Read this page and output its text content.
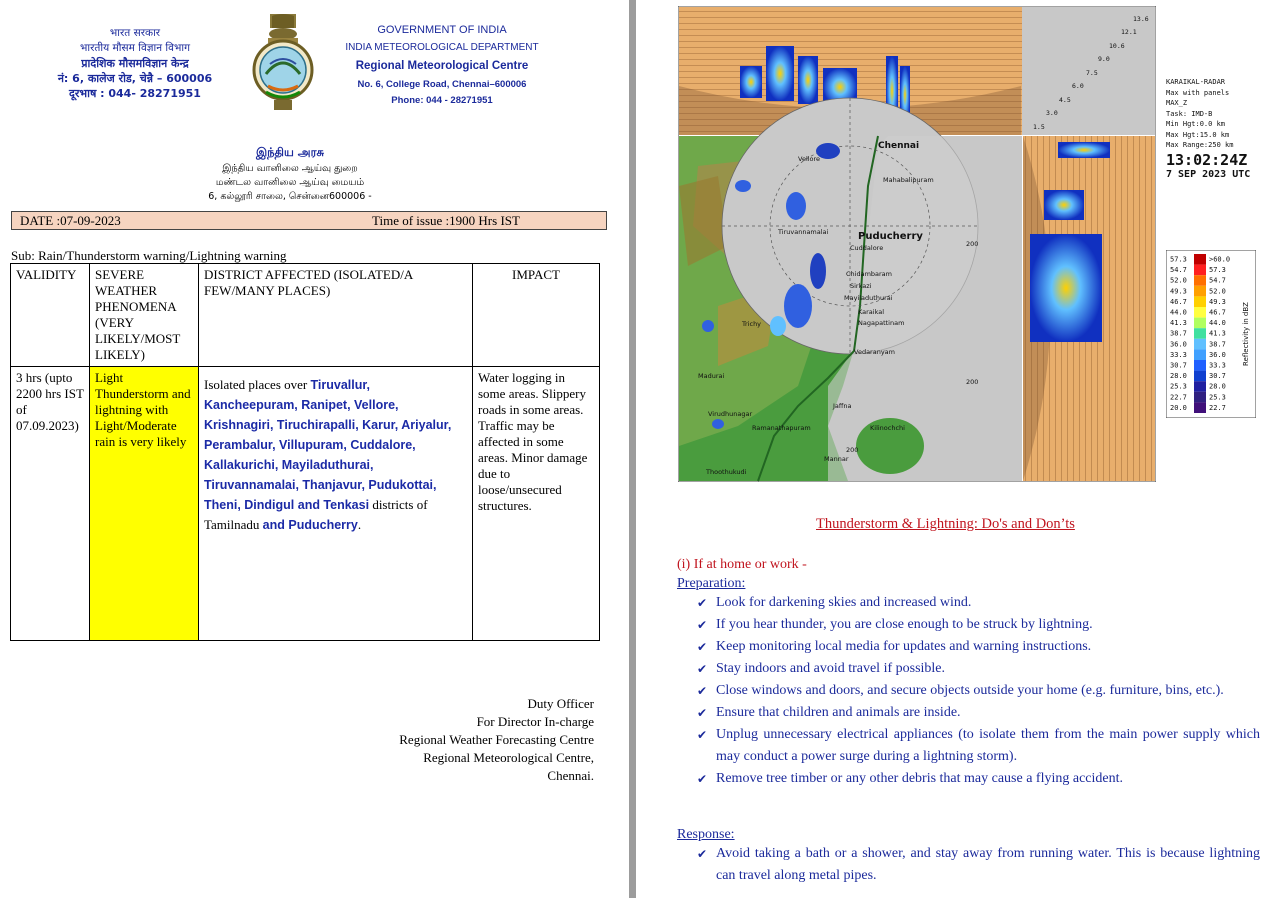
भारत सरकार
भारतीय मौसम विज्ञान विभाग
प्रादेशिक मौसमविज्ञान केन्द्र
नं: 6, कालेज रोड, चेन्नै – 600006
दूरभाष : 044- 28271951
GOVERNMENT OF INDIA
INDIA METEOROLOGICAL DEPARTMENT
Regional Meteorological Centre
No. 6, College Road, Chennai–600006
Phone: 044 - 28271951
இந்திய அரசு
இந்திய வானிலை ஆய்வு துறை
மண்டல வானிலை ஆய்வு மையம்
6, கல்லூரி சாலை, சென்னை600006 -
DATE :07-09-2023	Time of issue :1900 Hrs IST
Sub: Rain/Thunderstorm warning/Lightning warning
VALIDITY	SEVERE WEATHER PHENOMENA (VERY LIKELY/MOST LIKELY)	DISTRICT AFFECTED (ISOLATED/A FEW/MANY PLACES)	IMPACT
3 hrs (upto 2200 hrs IST of 07.09.2023)	Light Thunderstorm and lightning with Light/Moderate rain is very likely	Isolated places over Tiruvallur, Kancheepuram, Ranipet, Vellore, Krishnagiri, Tiruchirapalli, Karur, Ariyalur, Perambalur, Villupuram, Cuddalore, Kallakurichi, Mayiladuthurai, Tiruvannamalai, Thanjavur, Pudukottai, Theni, Dindigul and Tenkasi districts of Tamilnadu and Puducherry.	Water logging in some areas. Slippery roads in some areas. Traffic may be affected in some areas. Minor damage due to loose/unsecured structures.
Duty Officer
For Director In-charge
Regional Weather Forecasting Centre
Regional Meteorological Centre,
Chennai.
13.6
12.1
10.6
9.0
7.5
6.0
4.5
3.0
1.5
Chennai
Puducherry
Vellore
Mahabalipuram
Cuddalore
Tiruvannamalai
Chidambaram
Sirkazi
Mayiladuthurai
Karaikal
Nagapattinam
Vedaranyam
Jaffna
Kilinochchi
Ramanathapuram
Mannar
Thoothukudi
Virudhunagar
Madurai
Trichy
200
200
200
KARAIKAL-RADAR
Max with panels
MAX_Z
Task: IMD-B
Min Hgt:0.0 km
Max Hgt:15.0 km
Max Range:250 km
13:02:24Z
7 SEP 2023 UTC
57.3	>60.0
54.7	57.3
52.0	54.7
49.3	52.0
46.7	49.3
44.0	46.7
41.3	44.0
38.7	41.3
36.0	38.7
33.3	36.0
30.7	33.3
28.0	30.7
25.3	28.0
22.7	25.3
20.0	22.7
Reflectivity in dBZ
Thunderstorm & Lightning: Do's and Don’ts
(i) If at home or work -
Preparation:
✔ Look for darkening skies and increased wind.
✔ If you hear thunder, you are close enough to be struck by lightning.
✔ Keep monitoring local media for updates and warning instructions.
✔ Stay indoors and avoid travel if possible.
✔ Close windows and doors, and secure objects outside your home (e.g. furniture, bins, etc.).
✔ Ensure that children and animals are inside.
✔ Unplug unnecessary electrical appliances (to isolate them from the main power supply which may conduct a power surge during a lightning storm).
✔ Remove tree timber or any other debris that may cause a flying accident.
Response:
✔ Avoid taking a bath or a shower, and stay away from running water. This is because lightning can travel along metal pipes.
